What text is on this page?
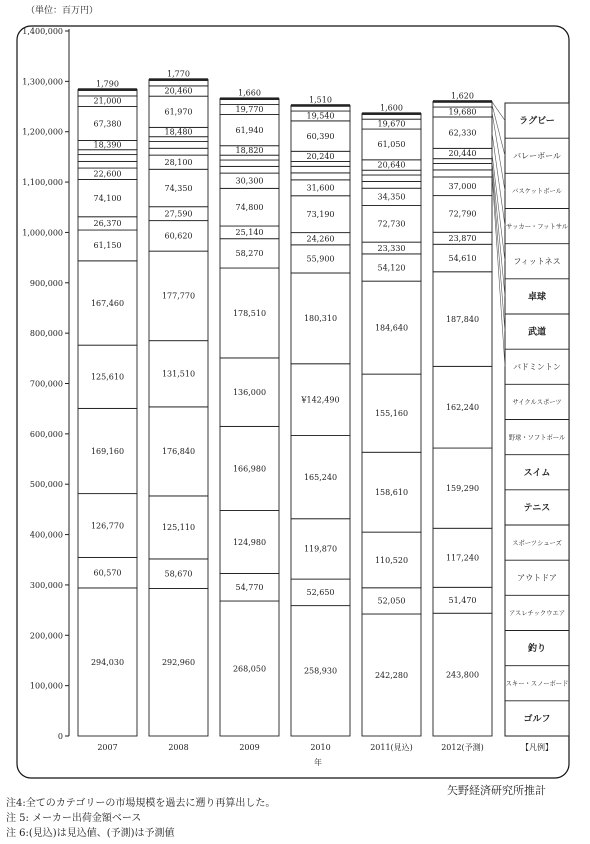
（単位：百万円）
0
100,000
200,000
300,000
400,000
500,000
600,000
700,000
800,000
900,000
1,000,000
1,100,000
1,200,000
1,300,000
1,400,000
2007	2008	2009	2010	2011(見込)	2012(予測)
年
294,030
60,570
126,770
169,160
125,610
167,460
61,150
26,370
74,100
22,600
18,390
67,380
21,000
1,790
292,960
58,670
125,110
176,840
131,510
177,770
60,620
27,590
74,350
28,100
18,480
61,970
20,460
1,770
268,050
54,770
124,980
166,980
136,000
178,510
58,270
25,140
74,800
30,300
18,820
61,940
19,770
1,660
258,930
52,650
119,870
165,240
¥142,490
180,310
55,900
24,260
73,190
31,600
20,240
60,390
19,540
1,510
242,280
52,050
110,520
158,610
155,160
184,640
54,120
23,330
72,730
34,350
20,640
61,050
19,670
1,600
243,800
51,470
117,240
159,290
162,240
187,840
54,610
23,870
72,790
37,000
20,440
62,330
19,680
1,620
ラグビー
バレーボール
バスケットボール
サッカー・フットサル
フィットネス
卓球
武道
バドミントン
サイクルスポーツ
野球・ソフトボール
スイム
テニス
スポーツシューズ
アウトドア
アスレチックウエア
釣り
スキー・スノーボード
ゴルフ
【凡例】
矢野経済研究所推計
注4:全てのカテゴリーの市場規模を過去に遡り再算出した。
注 5: メーカー出荷金額ベース
注 6:(見込)は見込値、(予測)は予測値
